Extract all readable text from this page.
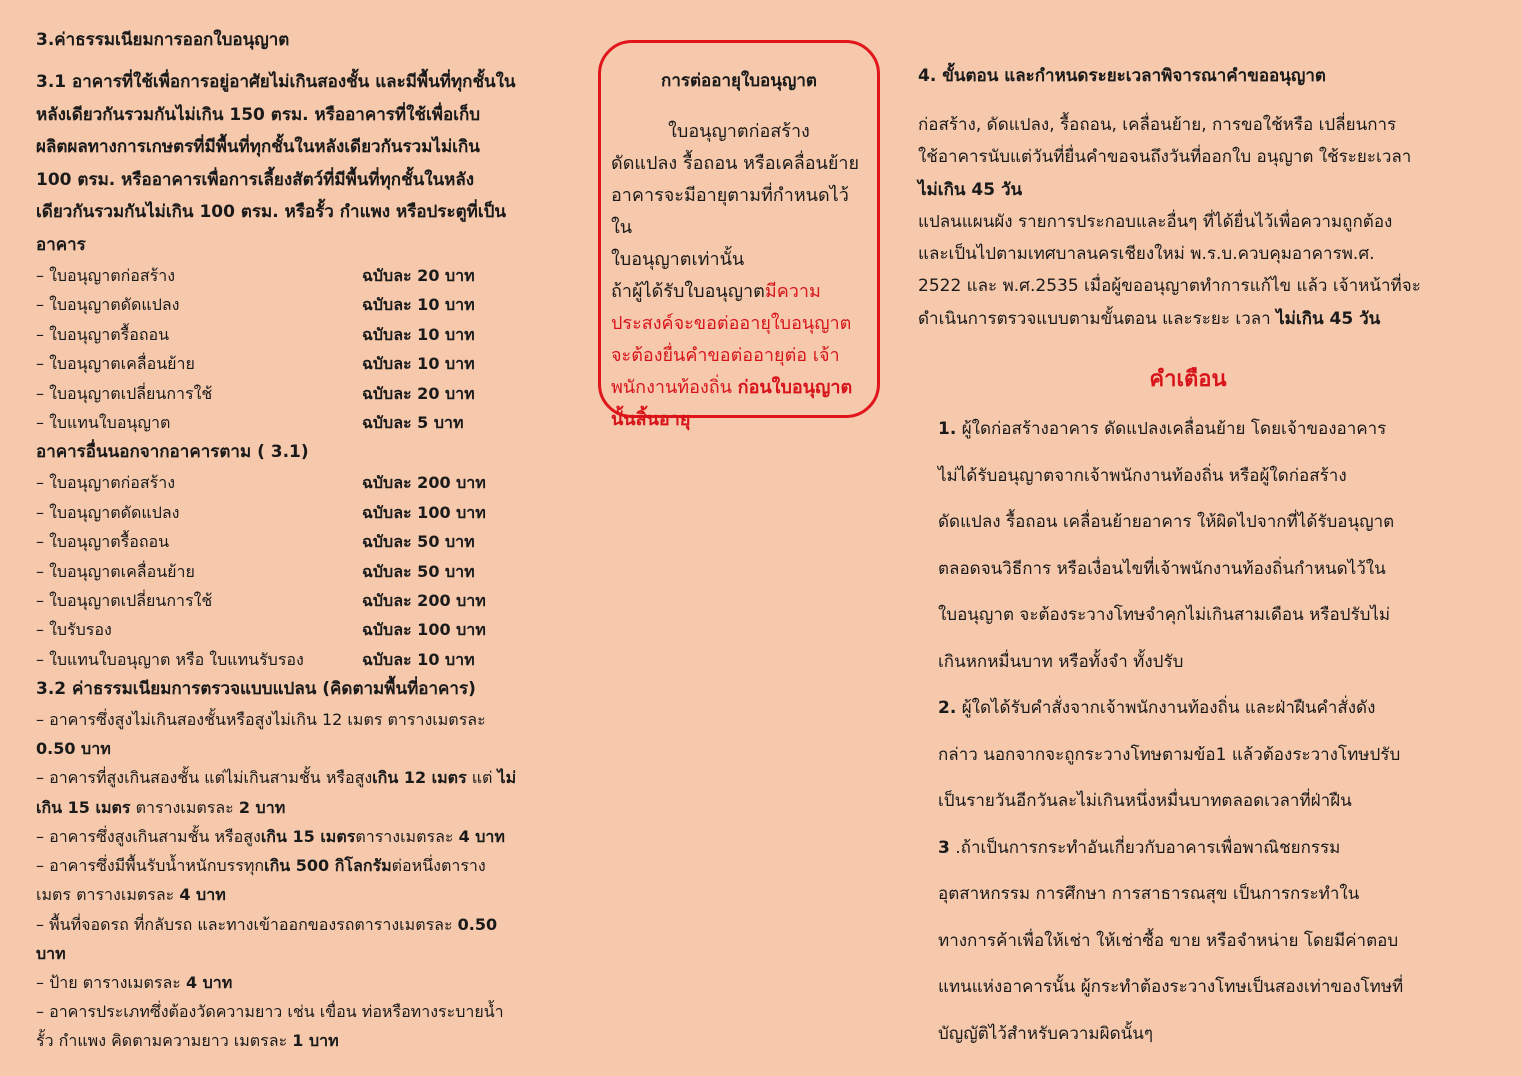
3.ค่าธรรมเนียมการออกใบอนุญาต

3.1 อาคารที่ใช้เพื่อการอยู่อาศัยไม่เกินสองชั้น และมีพื้นที่ทุกชั้นใน

หลังเดียวกันรวมกันไม่เกิน 150 ตรม. หรืออาคารที่ใช้เพื่อเก็บ

ผลิตผลทางการเกษตรที่มีพื้นที่ทุกชั้นในหลังเดียวกันรวมไม่เกิน

100 ตรม. หรืออาคารเพื่อการเลี้ยงสัตว์ที่มีพื้นที่ทุกชั้นในหลัง

เดียวกันรวมกันไม่เกิน 100 ตรม. หรือรั้ว กำแพง หรือประตูที่เป็น

อาคาร

– ใบอนุญาตก่อสร้าง	ฉบับละ 20 บาท
– ใบอนุญาตดัดแปลง	ฉบับละ 10 บาท
– ใบอนุญาตรื้อถอน	ฉบับละ 10 บาท
– ใบอนุญาตเคลื่อนย้าย	ฉบับละ 10 บาท
– ใบอนุญาตเปลี่ยนการใช้	ฉบับละ 20 บาท
– ใบแทนใบอนุญาต	ฉบับละ 5 บาท
อาคารอื่นนอกจากอาคารตาม ( 3.1)
– ใบอนุญาตก่อสร้าง	ฉบับละ 200 บาท
– ใบอนุญาตดัดแปลง	ฉบับละ 100 บาท
– ใบอนุญาตรื้อถอน	ฉบับละ 50 บาท
– ใบอนุญาตเคลื่อนย้าย	ฉบับละ 50 บาท
– ใบอนุญาตเปลี่ยนการใช้	ฉบับละ 200 บาท
– ใบรับรอง	ฉบับละ 100 บาท
– ใบแทนใบอนุญาต หรือ ใบแทนรับรอง	ฉบับละ 10 บาท
3.2 ค่าธรรมเนียมการตรวจแบบแปลน (คิดตามพื้นที่อาคาร)
– อาคารซึ่งสูงไม่เกินสองชั้นหรือสูงไม่เกิน 12 เมตร ตารางเมตรละ
0.50 บาท
– อาคารที่สูงเกินสองชั้น แต่ไม่เกินสามชั้น หรือสูงเกิน 12 เมตร แต่ ไม่
เกิน 15 เมตร ตารางเมตรละ 2 บาท
– อาคารซึ่งสูงเกินสามชั้น หรือสูงเกิน 15 เมตรตารางเมตรละ 4 บาท
– อาคารซึ่งมีพื้นรับน้ำหนักบรรทุกเกิน 500 กิโลกรัมต่อหนึ่งตาราง
เมตร ตารางเมตรละ 4 บาท
– พื้นที่จอดรถ ที่กลับรถ และทางเข้าออกของรถตารางเมตรละ 0.50
บาท
– ป้าย ตารางเมตรละ 4 บาท
– อาคารประเภทซึ่งต้องวัดความยาว เช่น เขื่อน ท่อหรือทางระบายน้ำ
รั้ว กำแพง คิดตามความยาว เมตรละ 1 บาท
การต่ออายุใบอนุญาต
ใบอนุญาตก่อสร้าง
ดัดแปลง รื้อถอน หรือเคลื่อนย้าย
อาคารจะมีอายุตามที่กำหนดไว้ใน
ใบอนุญาตเท่านั้น
ถ้าผู้ได้รับใบอนุญาตมีความ
ประสงค์จะขอต่ออายุใบอนุญาต
จะต้องยื่นคำขอต่ออายุต่อ เจ้า
พนักงานท้องถิ่น ก่อนใบอนุญาต
นั้นสิ้นอายุ
4. ขั้นตอน และกำหนดระยะเวลาพิจารณาคำขออนุญาต
ก่อสร้าง, ดัดแปลง, รื้อถอน, เคลื่อนย้าย, การขอใช้หรือ เปลี่ยนการ
ใช้อาคารนับแต่วันที่ยื่นคำขอจนถึงวันที่ออกใบ อนุญาต ใช้ระยะเวลา
ไม่เกิน 45 วัน
แปลนแผนผัง รายการประกอบและอื่นๆ ที่ได้ยื่นไว้เพื่อความถูกต้อง
และเป็นไปตามเทศบาลนครเชียงใหม่ พ.ร.บ.ควบคุมอาคารพ.ศ.
2522 และ พ.ศ.2535 เมื่อผู้ขออนุญาตทำการแก้ไข แล้ว เจ้าหน้าที่จะ
ดำเนินการตรวจแบบตามขั้นตอน และระยะ เวลา ไม่เกิน 45 วัน
คำเตือน

1. ผู้ใดก่อสร้างอาคาร ดัดแปลงเคลื่อนย้าย โดยเจ้าของอาคาร

ไม่ได้รับอนุญาตจากเจ้าพนักงานท้องถิ่น หรือผู้ใดก่อสร้าง

ดัดแปลง รื้อถอน เคลื่อนย้ายอาคาร ให้ผิดไปจากที่ได้รับอนุญาต

ตลอดจนวิธีการ หรือเงื่อนไขที่เจ้าพนักงานท้องถิ่นกำหนดไว้ใน

ใบอนุญาต จะต้องระวางโทษจำคุกไม่เกินสามเดือน หรือปรับไม่

เกินหกหมื่นบาท หรือทั้งจำ ทั้งปรับ

2. ผู้ใดได้รับคำสั่งจากเจ้าพนักงานท้องถิ่น และฝ่าฝืนคำสั่งดัง

กล่าว นอกจากจะถูกระวางโทษตามข้อ1 แล้วต้องระวางโทษปรับ

เป็นรายวันอีกวันละไม่เกินหนึ่งหมื่นบาทตลอดเวลาที่ฝ่าฝืน

3 .ถ้าเป็นการกระทำอันเกี่ยวกับอาคารเพื่อพาณิชยกรรม

อุตสาหกรรม การศึกษา การสาธารณสุข เป็นการกระทำใน

ทางการค้าเพื่อให้เช่า ให้เช่าซื้อ ขาย หรือจำหน่าย โดยมีค่าตอบ

แทนแห่งอาคารนั้น ผู้กระทำต้องระวางโทษเป็นสองเท่าของโทษที่

บัญญัติไว้สำหรับความผิดนั้นๆ
